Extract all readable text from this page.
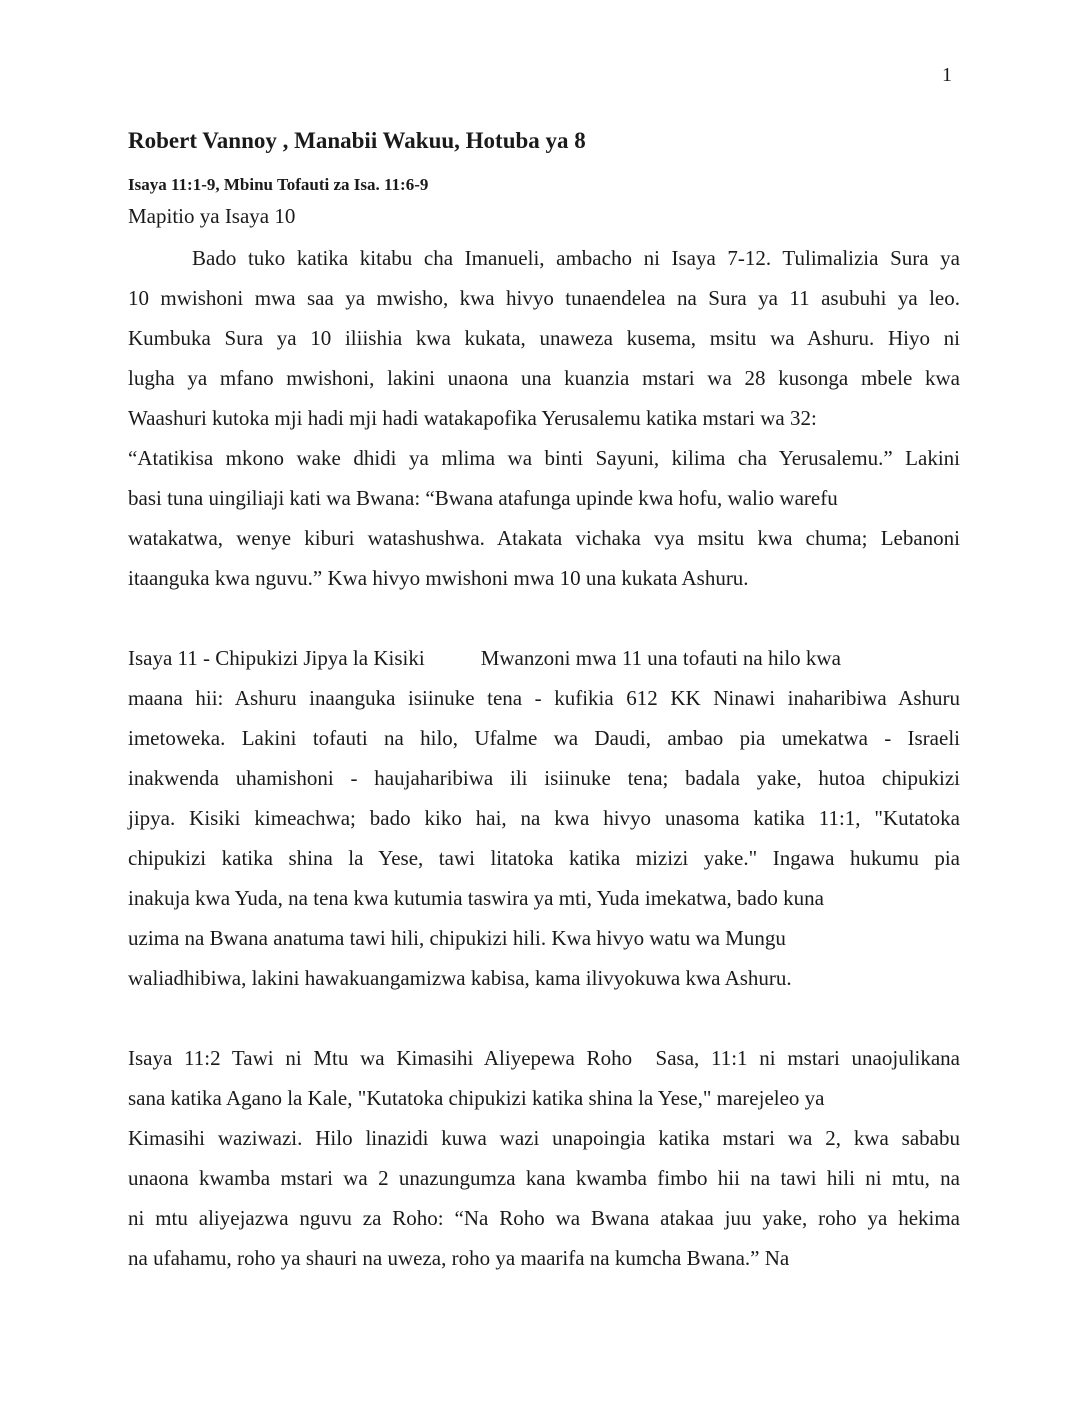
1
Robert Vannoy , Manabii Wakuu, Hotuba ya 8
Isaya 11:1-9, Mbinu Tofauti za Isa. 11:6-9
Mapitio ya Isaya 10
Bado tuko katika kitabu cha Imanueli, ambacho ni Isaya 7-12. Tulimalizia Sura ya
10 mwishoni mwa saa ya mwisho, kwa hivyo tunaendelea na Sura ya 11 asubuhi ya leo.
Kumbuka Sura ya 10 iliishia kwa kukata, unaweza kusema, msitu wa Ashuru. Hiyo ni
lugha ya mfano mwishoni, lakini unaona una kuanzia mstari wa 28 kusonga mbele kwa
Waashuri kutoka mji hadi mji hadi watakapofika Yerusalemu katika mstari wa 32:
“Atatikisa mkono wake dhidi ya mlima wa binti Sayuni, kilima cha Yerusalemu.” Lakini
basi tuna uingiliaji kati wa Bwana: “Bwana atafunga upinde kwa hofu, walio warefu
watakatwa, wenye kiburi watashushwa. Atakata vichaka vya msitu kwa chuma; Lebanoni
itaanguka kwa nguvu.” Kwa hivyo mwishoni mwa 10 una kukata Ashuru.
Isaya 11 - Chipukizi Jipya la Kisiki	Mwanzoni mwa 11 una tofauti na hilo kwa
maana hii: Ashuru inaanguka isiinuke tena - kufikia 612 KK Ninawi inaharibiwa Ashuru
imetoweka. Lakini tofauti na hilo, Ufalme wa Daudi, ambao pia umekatwa - Israeli
inakwenda uhamishoni - haujaharibiwa ili isiinuke tena; badala yake, hutoa chipukizi
jipya. Kisiki kimeachwa; bado kiko hai, na kwa hivyo unasoma katika 11:1, "Kutatoka
chipukizi katika shina la Yese, tawi litatoka katika mizizi yake." Ingawa hukumu pia
inakuja kwa Yuda, na tena kwa kutumia taswira ya mti, Yuda imekatwa, bado kuna
uzima na Bwana anatuma tawi hili, chipukizi hili. Kwa hivyo watu wa Mungu
waliadhibiwa, lakini hawakuangamizwa kabisa, kama ilivyokuwa kwa Ashuru.
Isaya 11:2 Tawi ni Mtu wa Kimasihi Aliyepewa Roho Sasa, 11:1 ni mstari unaojulikana
sana katika Agano la Kale, "Kutatoka chipukizi katika shina la Yese," marejeleo ya
Kimasihi waziwazi. Hilo linazidi kuwa wazi unapoingia katika mstari wa 2, kwa sababu
unaona kwamba mstari wa 2 unazungumza kana kwamba fimbo hii na tawi hili ni mtu, na
ni mtu aliyejazwa nguvu za Roho: “Na Roho wa Bwana atakaa juu yake, roho ya hekima
na ufahamu, roho ya shauri na uweza, roho ya maarifa na kumcha Bwana.” Na
